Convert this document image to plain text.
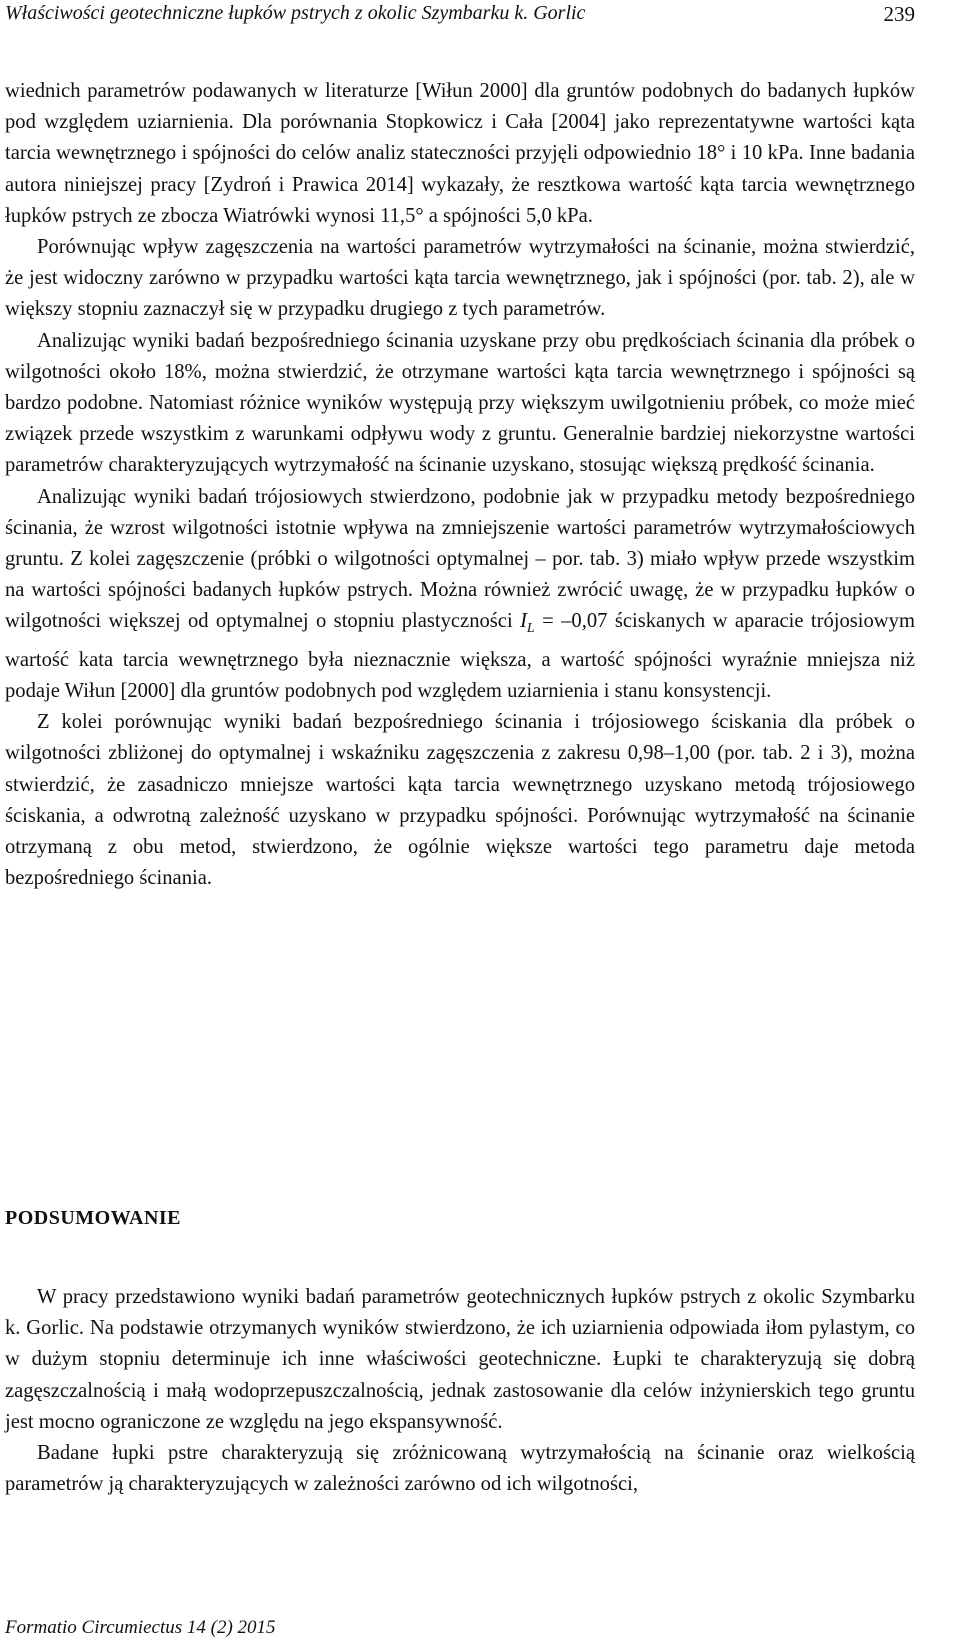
Właściwości geotechniczne łupków pstrych z okolic Szymbarku k. Gorlic	239

wiednich parametrów podawanych w literaturze [Wiłun 2000] dla gruntów podobnych do badanych łupków pod względem uziarnienia. Dla porównania Stopkowicz i Cała [2004] jako reprezentatywne wartości kąta tarcia wewnętrznego i spójności do celów analiz stateczności przyjęli odpowiednio 18° i 10 kPa. Inne badania autora niniejszej pracy [Zydroń i Prawica 2014] wykazały, że resztkowa wartość kąta tarcia wewnętrznego łupków pstrych ze zbocza Wiatrówki wynosi 11,5° a spójności 5,0 kPa.

Porównując wpływ zagęszczenia na wartości parametrów wytrzymałości na ścinanie, można stwierdzić, że jest widoczny zarówno w przypadku wartości kąta tarcia wewnętrznego, jak i spójności (por. tab. 2), ale w większy stopniu zaznaczył się w przypadku drugiego z tych parametrów.

Analizując wyniki badań bezpośredniego ścinania uzyskane przy obu prędkościach ścinania dla próbek o wilgotności około 18%, można stwierdzić, że otrzymane wartości kąta tarcia wewnętrznego i spójności są bardzo podobne. Natomiast różnice wyników występują przy większym uwilgotnieniu próbek, co może mieć związek przede wszystkim z warunkami odpływu wody z gruntu. Generalnie bardziej niekorzystne wartości parametrów charakteryzujących wytrzymałość na ścinanie uzyskano, stosując większą prędkość ścinania.

Analizując wyniki badań trójosiowych stwierdzono, podobnie jak w przypadku metody bezpośredniego ścinania, że wzrost wilgotności istotnie wpływa na zmniejszenie wartości parametrów wytrzymałościowych gruntu. Z kolei zagęszczenie (próbki o wilgotności optymalnej – por. tab. 3) miało wpływ przede wszystkim na wartości spójności badanych łupków pstrych. Można również zwrócić uwagę, że w przypadku łupków o wilgotności większej od optymalnej o stopniu plastyczności $I_L = -0,07$ ściskanych w aparacie trójosiowym wartość kata tarcia wewnętrznego była nieznacznie większa, a wartość spójności wyraźnie mniejsza niż podaje Wiłun [2000] dla gruntów podobnych pod względem uziarnienia i stanu konsystencji.

Z kolei porównując wyniki badań bezpośredniego ścinania i trójosiowego ściskania dla próbek o wilgotności zbliżonej do optymalnej i wskaźniku zagęszczenia z zakresu 0,98–1,00 (por. tab. 2 i 3), można stwierdzić, że zasadniczo mniejsze wartości kąta tarcia wewnętrznego uzyskano metodą trójosiowego ściskania, a odwrotną zależność uzyskano w przypadku spójności. Porównując wytrzymałość na ścinanie otrzymaną z obu metod, stwierdzono, że ogólnie większe wartości tego parametru daje metoda bezpośredniego ścinania.

PODSUMOWANIE

W pracy przedstawiono wyniki badań parametrów geotechnicznych łupków pstrych z okolic Szymbarku k. Gorlic. Na podstawie otrzymanych wyników stwierdzono, że ich uziarnienia odpowiada iłom pylastym, co w dużym stopniu determinuje ich inne właściwości geotechniczne. Łupki te charakteryzują się dobrą zagęszczalnością i małą wodoprzepuszczalnością, jednak zastosowanie dla celów inżynierskich tego gruntu jest mocno ograniczone ze względu na jego ekspansywność.

Badane łupki pstre charakteryzują się zróżnicowaną wytrzymałością na ścinanie oraz wielkością parametrów ją charakteryzujących w zależności zarówno od ich wilgotności,

Formatio Circumiectus 14 (2) 2015
